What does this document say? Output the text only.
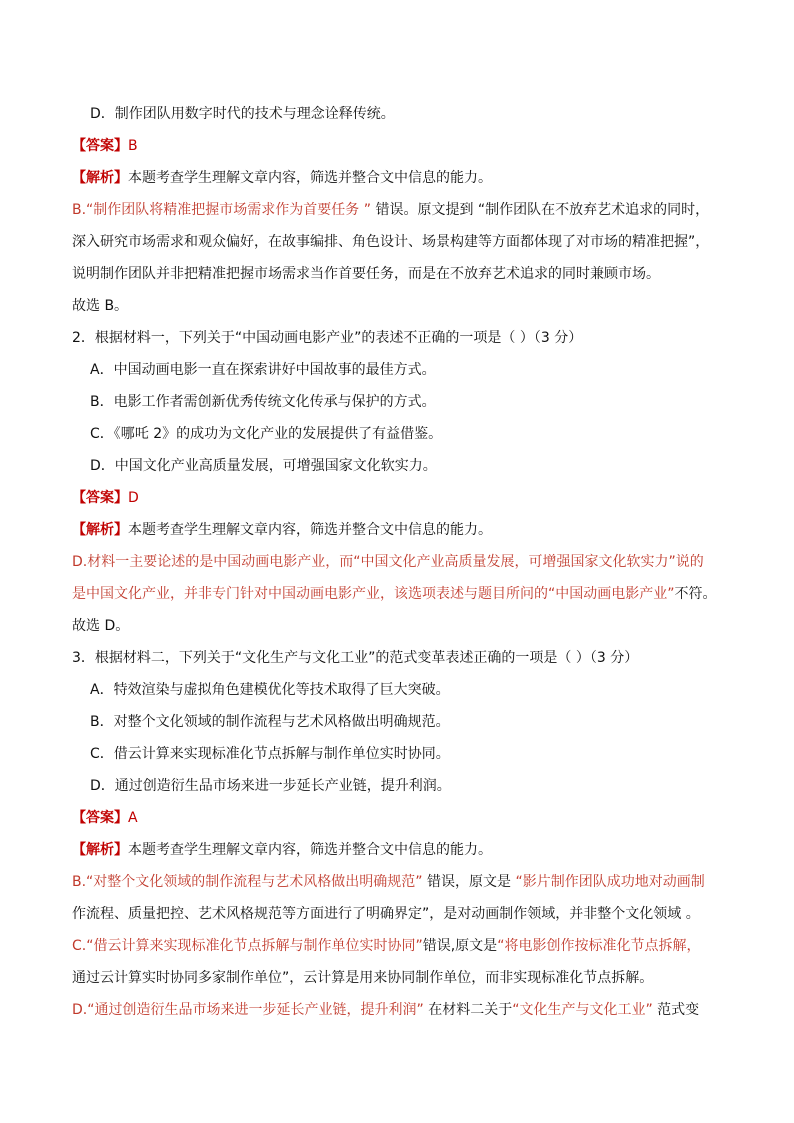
D．制作团队用数字时代的技术与理念诠释传统。
【答案】B
【解析】本题考查学生理解文章内容，筛选并整合文中信息的能力。
B.“制作团队将精准把握市场需求作为首要任务 ” 错误。原文提到 “制作团队在不放弃艺术追求的同时，
深入研究市场需求和观众偏好，在故事编排、角色设计、场景构建等方面都体现了对市场的精准把握”，
说明制作团队并非把精准把握市场需求当作首要任务，而是在不放弃艺术追求的同时兼顾市场。
故选 B。
2．根据材料一，下列关于“中国动画电影产业”的表述不正确的一项是（ ）（3 分）
A．中国动画电影一直在探索讲好中国故事的最佳方式。
B．电影工作者需创新优秀传统文化传承与保护的方式。
C．《哪吒 2》的成功为文化产业的发展提供了有益借鉴。
D．中国文化产业高质量发展，可增强国家文化软实力。
【答案】D
【解析】本题考查学生理解文章内容，筛选并整合文中信息的能力。
D.材料一主要论述的是中国动画电影产业，而“中国文化产业高质量发展，可增强国家文化软实力”说的
是中国文化产业，并非专门针对中国动画电影产业，该选项表述与题目所问的“中国动画电影产业”不符。
故选 D。
3．根据材料二，下列关于“文化生产与文化工业”的范式变革表述正确的一项是（ ）（3 分）
A．特效渲染与虚拟角色建模优化等技术取得了巨大突破。
B．对整个文化领域的制作流程与艺术风格做出明确规范。
C．借云计算来实现标准化节点拆解与制作单位实时协同。
D．通过创造衍生品市场来进一步延长产业链，提升利润。
【答案】A
【解析】本题考查学生理解文章内容，筛选并整合文中信息的能力。
B.“对整个文化领域的制作流程与艺术风格做出明确规范” 错误，原文是 “影片制作团队成功地对动画制
作流程、质量把控、艺术风格规范等方面进行了明确界定”，是对动画制作领域，并非整个文化领域 。
C.“借云计算来实现标准化节点拆解与制作单位实时协同”错误,原文是“将电影创作按标准化节点拆解，
通过云计算实时协同多家制作单位”，云计算是用来协同制作单位，而非实现标准化节点拆解。
D.“通过创造衍生品市场来进一步延长产业链，提升利润” 在材料二关于“文化生产与文化工业” 范式变
